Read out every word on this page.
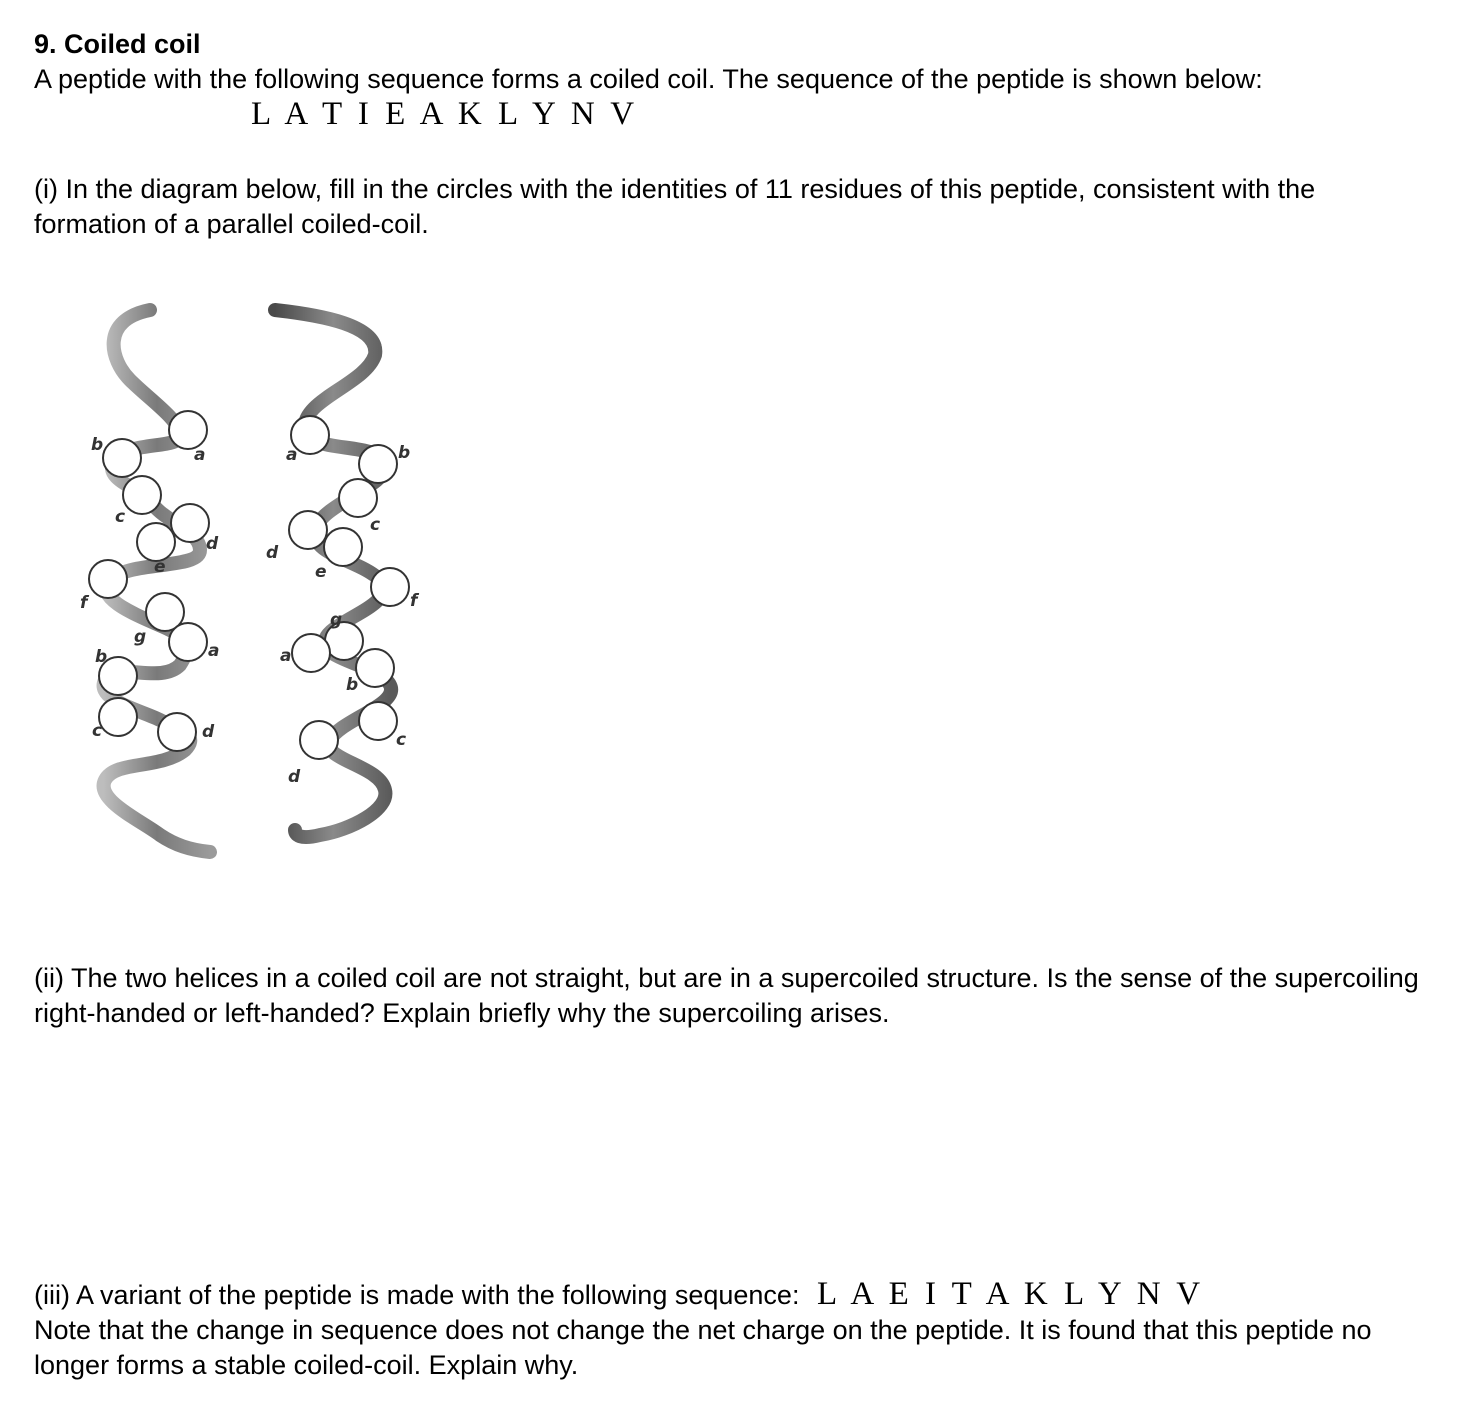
9. Coiled coil

A peptide with the following sequence forms a coiled coil. The sequence of the peptide is shown below:

L A T I E A K L Y N V

(i) In the diagram below, fill in the circles with the identities of 11 residues of this peptide, consistent with the formation of a parallel coiled-coil.

b	a
c
d
e
f
g
b	a
c	d
a	b
c
d
e
f
g
a
b
c
d

(ii) The two helices in a coiled coil are not straight, but are in a supercoiled structure. Is the sense of the supercoiling right-handed or left-handed? Explain briefly why the supercoiling arises.

(iii) A variant of the peptide is made with the following sequence: L A E I T A K L Y N V
Note that the change in sequence does not change the net charge on the peptide. It is found that this peptide no longer forms a stable coiled-coil. Explain why.
